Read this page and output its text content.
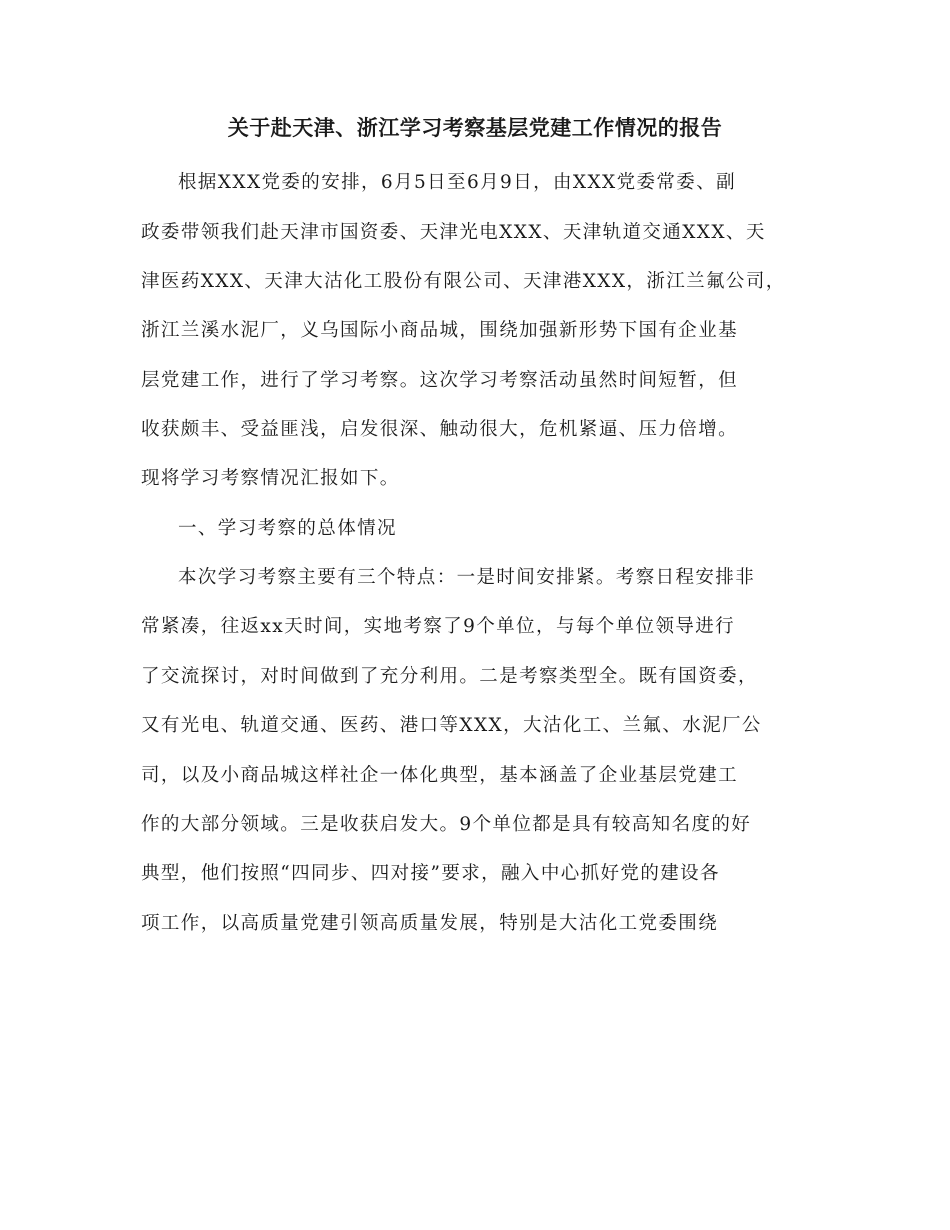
关于赴天津、浙江学习考察基层党建工作情况的报告

根据XXX党委的安排，6月5日至6月9日，由XXX党委常委、副

政委带领我们赴天津市国资委、天津光电XXX、天津轨道交通XXX、天

津医药XXX、天津大沽化工股份有限公司、天津港XXX，浙江兰氟公司，

浙江兰溪水泥厂，义乌国际小商品城，围绕加强新形势下国有企业基

层党建工作，进行了学习考察。这次学习考察活动虽然时间短暂，但

收获颇丰、受益匪浅，启发很深、触动很大，危机紧逼、压力倍增。

现将学习考察情况汇报如下。

一、学习考察的总体情况

本次学习考察主要有三个特点：一是时间安排紧。考察日程安排非

常紧凑，往返xx天时间，实地考察了9个单位，与每个单位领导进行

了交流探讨，对时间做到了充分利用。二是考察类型全。既有国资委，

又有光电、轨道交通、医药、港口等XXX，大沽化工、兰氟、水泥厂公

司，以及小商品城这样社企一体化典型，基本涵盖了企业基层党建工

作的大部分领域。三是收获启发大。9个单位都是具有较高知名度的好

典型，他们按照“四同步、四对接”要求，融入中心抓好党的建设各

项工作，以高质量党建引领高质量发展，特别是大沽化工党委围绕
